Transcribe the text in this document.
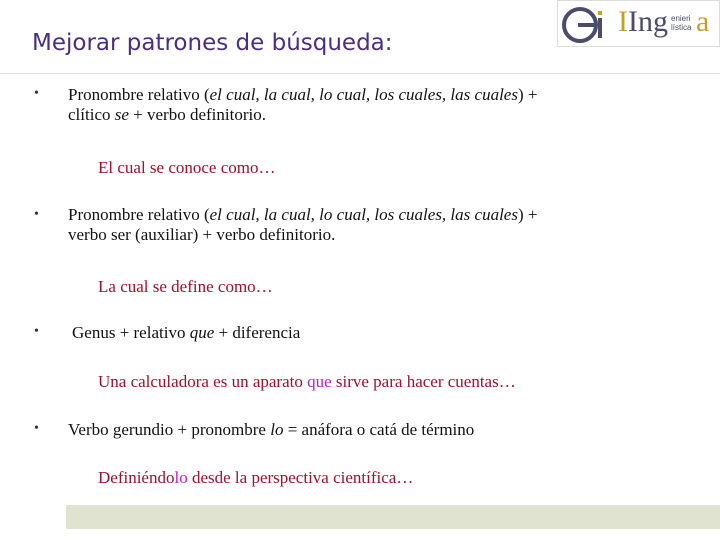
Mejorar patrones de búsqueda:
IIng a
enieri
lística
• Pronombre relativo (el cual, la cual, lo cual, los cuales, las cuales) +
clítico se + verbo definitorio.
El cual se conoce como…
• Pronombre relativo (el cual, la cual, lo cual, los cuales, las cuales) +
verbo ser (auxiliar) + verbo definitorio.
La cual se define como…
• Genus + relativo que + diferencia
Una calculadora es un aparato que sirve para hacer cuentas…
• Verbo gerundio + pronombre lo = anáfora o catá de término
Definiéndolo desde la perspectiva científica…
